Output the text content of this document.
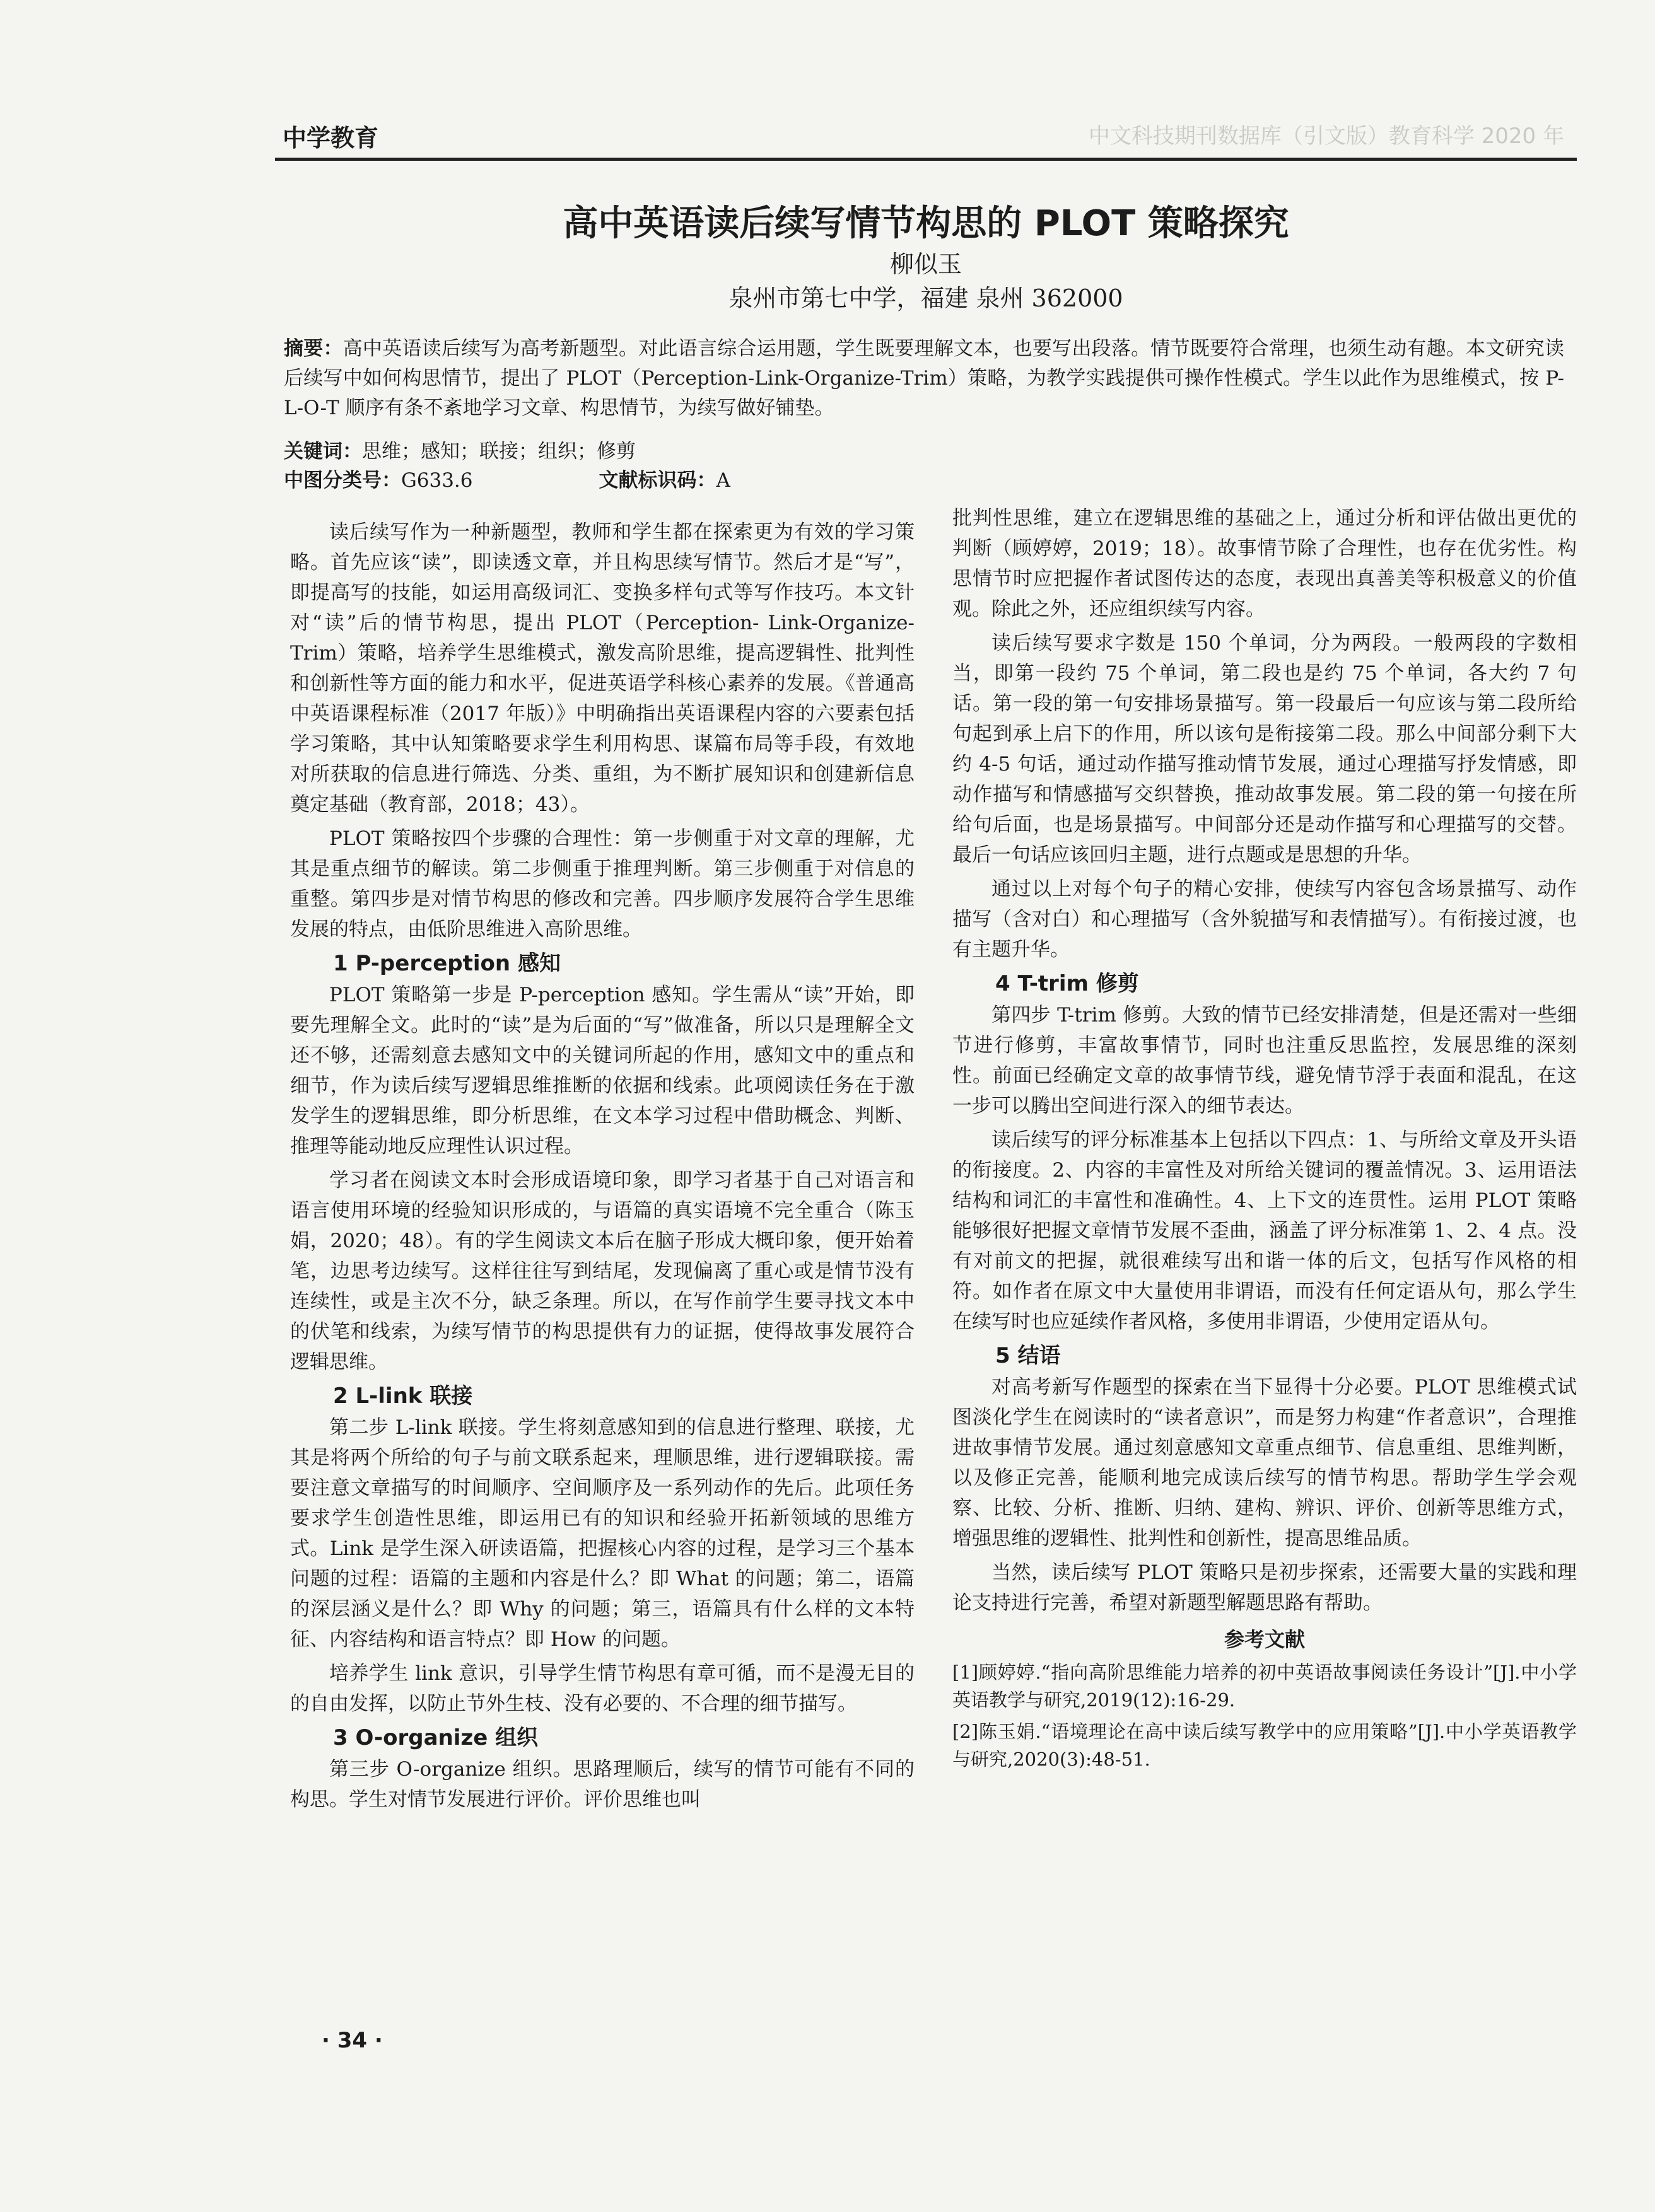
中学教育	中文科技期刊数据库（引文版）教育科学 2020 年
高中英语读后续写情节构思的 PLOT 策略探究
柳似玉
泉州市第七中学，福建 泉州 362000
摘要：高中英语读后续写为高考新题型。对此语言综合运用题，学生既要理解文本，也要写出段落。情节既要符合常理，也须生动有趣。本文研究读后续写中如何构思情节，提出了 PLOT（Perception-Link-Organize-Trim）策略，为教学实践提供可操作性模式。学生以此作为思维模式，按 P-L-O-T 顺序有条不紊地学习文章、构思情节，为续写做好铺垫。
关键词：思维；感知；联接；组织；修剪
中图分类号：G633.6	文献标识码：A

读后续写作为一种新题型，教师和学生都在探索更为有效的学习策略。首先应该“读”，即读透文章，并且构思续写情节。然后才是“写”，即提高写的技能，如运用高级词汇、变换多样句式等写作技巧。本文针对“读”后的情节构思，提出 PLOT（Perception- Link-Organize-Trim）策略，培养学生思维模式，激发高阶思维，提高逻辑性、批判性和创新性等方面的能力和水平，促进英语学科核心素养的发展。《普通高中英语课程标准（2017 年版）》中明确指出英语课程内容的六要素包括学习策略，其中认知策略要求学生利用构思、谋篇布局等手段，有效地对所获取的信息进行筛选、分类、重组，为不断扩展知识和创建新信息奠定基础（教育部，2018；43）。

PLOT 策略按四个步骤的合理性：第一步侧重于对文章的理解，尤其是重点细节的解读。第二步侧重于推理判断。第三步侧重于对信息的重整。第四步是对情节构思的修改和完善。四步顺序发展符合学生思维发展的特点，由低阶思维进入高阶思维。

1 P-perception 感知

PLOT 策略第一步是 P-perception 感知。学生需从“读”开始，即要先理解全文。此时的“读”是为后面的“写”做准备，所以只是理解全文还不够，还需刻意去感知文中的关键词所起的作用，感知文中的重点和细节，作为读后续写逻辑思维推断的依据和线索。此项阅读任务在于激发学生的逻辑思维，即分析思维，在文本学习过程中借助概念、判断、推理等能动地反应理性认识过程。

学习者在阅读文本时会形成语境印象，即学习者基于自己对语言和语言使用环境的经验知识形成的，与语篇的真实语境不完全重合（陈玉娟，2020；48）。有的学生阅读文本后在脑子形成大概印象，便开始着笔，边思考边续写。这样往往写到结尾，发现偏离了重心或是情节没有连续性，或是主次不分，缺乏条理。所以，在写作前学生要寻找文本中的伏笔和线索，为续写情节的构思提供有力的证据，使得故事发展符合逻辑思维。

2 L-link 联接

第二步 L-link 联接。学生将刻意感知到的信息进行整理、联接，尤其是将两个所给的句子与前文联系起来，理顺思维，进行逻辑联接。需要注意文章描写的时间顺序、空间顺序及一系列动作的先后。此项任务要求学生创造性思维，即运用已有的知识和经验开拓新领域的思维方式。Link 是学生深入研读语篇，把握核心内容的过程，是学习三个基本问题的过程：语篇的主题和内容是什么？即 What 的问题；第二，语篇的深层涵义是什么？即 Why 的问题；第三，语篇具有什么样的文本特征、内容结构和语言特点？即 How 的问题。

培养学生 link 意识，引导学生情节构思有章可循，而不是漫无目的的自由发挥，以防止节外生枝、没有必要的、不合理的细节描写。

3 O-organize 组织

第三步 O-organize 组织。思路理顺后，续写的情节可能有不同的构思。学生对情节发展进行评价。评价思维也叫

批判性思维，建立在逻辑思维的基础之上，通过分析和评估做出更优的判断（顾婷婷，2019；18）。故事情节除了合理性，也存在优劣性。构思情节时应把握作者试图传达的态度，表现出真善美等积极意义的价值观。除此之外，还应组织续写内容。

读后续写要求字数是 150 个单词，分为两段。一般两段的字数相当，即第一段约 75 个单词，第二段也是约 75 个单词，各大约 7 句话。第一段的第一句安排场景描写。第一段最后一句应该与第二段所给句起到承上启下的作用，所以该句是衔接第二段。那么中间部分剩下大约 4-5 句话，通过动作描写推动情节发展，通过心理描写抒发情感，即动作描写和情感描写交织替换，推动故事发展。第二段的第一句接在所给句后面，也是场景描写。中间部分还是动作描写和心理描写的交替。最后一句话应该回归主题，进行点题或是思想的升华。

通过以上对每个句子的精心安排，使续写内容包含场景描写、动作描写（含对白）和心理描写（含外貌描写和表情描写）。有衔接过渡，也有主题升华。

4 T-trim 修剪

第四步 T-trim 修剪。大致的情节已经安排清楚，但是还需对一些细节进行修剪，丰富故事情节，同时也注重反思监控，发展思维的深刻性。前面已经确定文章的故事情节线，避免情节浮于表面和混乱，在这一步可以腾出空间进行深入的细节表达。

读后续写的评分标准基本上包括以下四点：1、与所给文章及开头语的衔接度。2、内容的丰富性及对所给关键词的覆盖情况。3、运用语法结构和词汇的丰富性和准确性。4、上下文的连贯性。运用 PLOT 策略能够很好把握文章情节发展不歪曲，涵盖了评分标准第 1、2、4 点。没有对前文的把握，就很难续写出和谐一体的后文，包括写作风格的相符。如作者在原文中大量使用非谓语，而没有任何定语从句，那么学生在续写时也应延续作者风格，多使用非谓语，少使用定语从句。

5 结语

对高考新写作题型的探索在当下显得十分必要。PLOT 思维模式试图淡化学生在阅读时的“读者意识”，而是努力构建“作者意识”，合理推进故事情节发展。通过刻意感知文章重点细节、信息重组、思维判断，以及修正完善，能顺利地完成读后续写的情节构思。帮助学生学会观察、比较、分析、推断、归纳、建构、辨识、评价、创新等思维方式，增强思维的逻辑性、批判性和创新性，提高思维品质。

当然，读后续写 PLOT 策略只是初步探索，还需要大量的实践和理论支持进行完善，希望对新题型解题思路有帮助。

参考文献
[1]顾婷婷.“指向高阶思维能力培养的初中英语故事阅读任务设计”[J].中小学英语教学与研究,2019(12):16-29.
[2]陈玉娟.“语境理论在高中读后续写教学中的应用策略”[J].中小学英语教学与研究,2020(3):48-51.
· 34 ·
